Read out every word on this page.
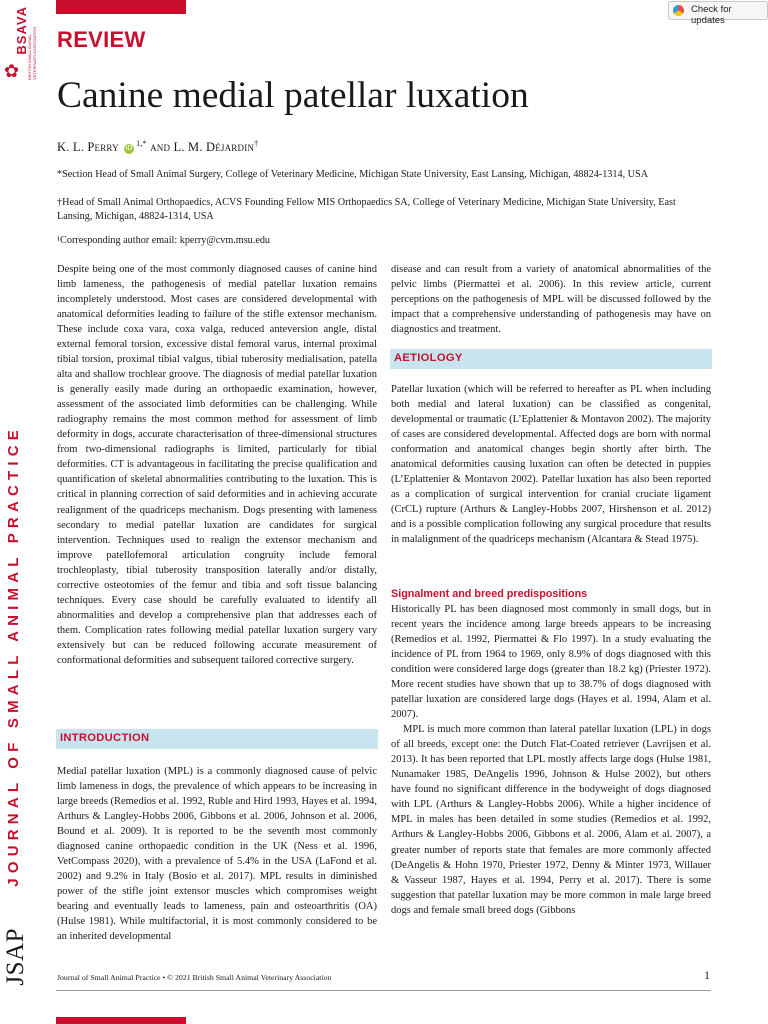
BSAVA
BRITISH SMALL ANIMAL VETERINARY ASSOCIATION
✿
JOURNAL OF SMALL ANIMAL PRACTICE
JSAP
Check for updates
REVIEW
Canine medial patellar luxation
K. L. Perry $iD^{1,*}$ and L. M. Déjardin†
*Section Head of Small Animal Surgery, College of Veterinary Medicine, Michigan State University, East Lansing, Michigan, 48824-1314, USA
†Head of Small Animal Orthopaedics, ACVS Founding Fellow MIS Orthopaedics SA, College of Veterinary Medicine, Michigan State University, East Lansing, Michigan, 48824-1314, USA
¹Corresponding author email: kperry@cvm.msu.edu

Despite being one of the most commonly diagnosed causes of canine hind limb lameness, the pathogenesis of medial patellar luxation remains incompletely understood. Most cases are considered developmental with anatomical deformities leading to failure of the stifle extensor mechanism. These include coxa vara, coxa valga, reduced anteversion angle, distal external femoral torsion, excessive distal femoral varus, internal proximal tibial torsion, proximal tibial valgus, tibial tuberosity medialisation, patella alta and shallow trochlear groove. The diagnosis of medial patellar luxation is generally easily made during an orthopaedic examination, however, assessment of the associated limb deformities can be challenging. While radiography remains the most common method for assessment of limb deformity in dogs, accurate characterisation of three-dimensional structures from two-dimensional radiographs is limited, particularly for tibial deformities. CT is advantageous in facilitating the precise qualification and quantification of skeletal abnormalities contributing to the luxation. This is critical in planning correction of said deformities and in achieving accurate realignment of the quadriceps mechanism. Dogs presenting with lameness secondary to medial patellar luxation are candidates for surgical intervention. Techniques used to realign the extensor mechanism and improve patellofemoral articulation congruity include femoral trochleoplasty, tibial tuberosity transposition laterally and/or distally, corrective osteotomies of the femur and tibia and soft tissue balancing techniques. Every case should be carefully evaluated to identify all abnormalities and develop a comprehensive plan that addresses each of them. Complication rates following medial patellar luxation surgery vary extensively but can be reduced following accurate measurement of conformational deformities and subsequent tailored corrective surgery.

INTRODUCTION

Medial patellar luxation (MPL) is a commonly diagnosed cause of pelvic limb lameness in dogs, the prevalence of which appears to be increasing in large breeds (Remedios et al. 1992, Ruble and Hird 1993, Hayes et al. 1994, Arthurs & Langley-Hobbs 2006, Gibbons et al. 2006, Johnson et al. 2006, Bound et al. 2009). It is reported to be the seventh most commonly diagnosed canine orthopaedic condition in the UK (Ness et al. 1996, VetCompass 2020), with a prevalence of 5.4% in the USA (LaFond et al. 2002) and 9.2% in Italy (Bosio et al. 2017). MPL results in diminished power of the stifle joint extensor muscles which compromises weight bearing and eventually leads to lameness, pain and osteoarthritis (OA) (Hulse 1981). While multifactorial, it is most commonly considered to be an inherited developmental

disease and can result from a variety of anatomical abnormalities of the pelvic limbs (Piermattei et al. 2006). In this review article, current perceptions on the pathogenesis of MPL will be discussed followed by the impact that a comprehensive understanding of pathogenesis may have on diagnostics and treatment.

AETIOLOGY

Patellar luxation (which will be referred to hereafter as PL when including both medial and lateral luxation) can be classified as congenital, developmental or traumatic (L’Eplattenier & Montavon 2002). The majority of cases are considered developmental. Affected dogs are born with normal conformation and anatomical changes begin shortly after birth. The anatomical deformities causing luxation can often be detected in puppies (L’Eplattenier & Montavon 2002). Patellar luxation has also been reported as a complication of surgical intervention for cranial cruciate ligament (CrCL) rupture (Arthurs & Langley-Hobbs 2007, Hirshenson et al. 2012) and is a possible complication following any surgical procedure that results in malalignment of the quadriceps mechanism (Alcantara & Stead 1975).

Signalment and breed predispositions

Historically PL has been diagnosed most commonly in small dogs, but in recent years the incidence among large breeds appears to be increasing (Remedios et al. 1992, Piermattei & Flo 1997). In a study evaluating the incidence of PL from 1964 to 1969, only 8.9% of dogs diagnosed with this condition were considered large dogs (greater than 18.2 kg) (Priester 1972). More recent studies have shown that up to 38.7% of dogs diagnosed with patellar luxation are considered large dogs (Hayes et al. 1994, Alam et al. 2007).

MPL is much more common than lateral patellar luxation (LPL) in dogs of all breeds, except one: the Dutch Flat-Coated retriever (Lavrijsen et al. 2013). It has been reported that LPL mostly affects large dogs (Hulse 1981, Nunamaker 1985, DeAngelis 1996, Johnson & Hulse 2002), but others have found no significant difference in the bodyweight of dogs diagnosed with LPL (Arthurs & Langley-Hobbs 2006). While a higher incidence of MPL in males has been detailed in some studies (Remedios et al. 1992, Arthurs & Langley-Hobbs 2006, Gibbons et al. 2006, Alam et al. 2007), a greater number of reports state that females are more commonly affected (DeAngelis & Hohn 1970, Priester 1972, Denny & Minter 1973, Willauer & Vasseur 1987, Hayes et al. 1994, Perry et al. 2017). There is some suggestion that patellar luxation may be more common in male large breed dogs and female small breed dogs (Gibbons

Journal of Small Animal Practice • © 2021 British Small Animal Veterinary Association	1
